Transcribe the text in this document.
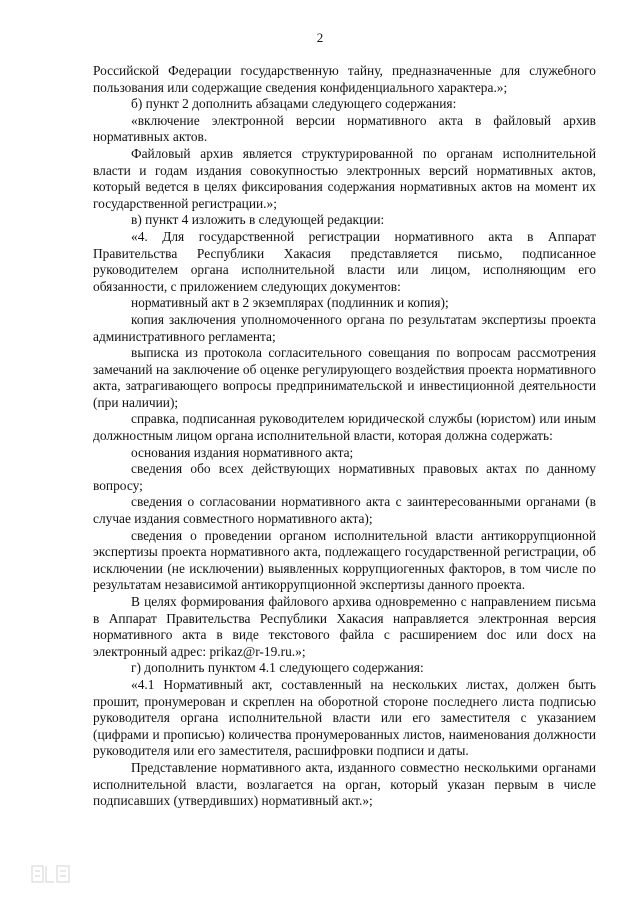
2

Российской Федерации государственную тайну, предназначенные для служебного пользования или содержащие сведения конфиденциального характера.»;

б) пункт 2 дополнить абзацами следующего содержания:

«включение электронной версии нормативного акта в файловый архив нормативных актов.

Файловый архив является структурированной по органам исполнительной власти и годам издания совокупностью электронных версий нормативных актов, который ведется в целях фиксирования содержания нормативных актов на момент их государственной регистрации.»;

в) пункт 4 изложить в следующей редакции:

«4. Для государственной регистрации нормативного акта в Аппарат Правительства Республики Хакасия представляется письмо, подписанное руководителем органа исполнительной власти или лицом, исполняющим его обязанности, с приложением следующих документов:

нормативный акт в 2 экземплярах (подлинник и копия);

копия заключения уполномоченного органа по результатам экспертизы проекта административного регламента;

выписка из протокола согласительного совещания по вопросам рассмотрения замечаний на заключение об оценке регулирующего воздействия проекта нормативного акта, затрагивающего вопросы предпринимательской и инвестиционной деятельности (при наличии);

справка, подписанная руководителем юридической службы (юристом) или иным должностным лицом органа исполнительной власти, которая должна содержать:

основания издания нормативного акта;

сведения обо всех действующих нормативных правовых актах по данному вопросу;

сведения о согласовании нормативного акта с заинтересованными органами (в случае издания совместного нормативного акта);

сведения о проведении органом исполнительной власти антикоррупционной экспертизы проекта нормативного акта, подлежащего государственной регистрации, об исключении (не исключении) выявленных коррупциогенных факторов, в том числе по результатам независимой антикоррупционной экспертизы данного проекта.

В целях формирования файлового архива одновременно с направлением письма в Аппарат Правительства Республики Хакасия направляется электронная версия нормативного акта в виде текстового файла с расширением doc или docx на электронный адрес: prikaz@r-19.ru.»;

г) дополнить пунктом 4.1 следующего содержания:

«4.1 Нормативный акт, составленный на нескольких листах, должен быть прошит, пронумерован и скреплен на оборотной стороне последнего листа подписью руководителя органа исполнительной власти или его заместителя с указанием (цифрами и прописью) количества пронумерованных листов, наименования должности руководителя или его заместителя, расшифровки подписи и даты.

Представление нормативного акта, изданного совместно несколькими органами исполнительной власти, возлагается на орган, который указан первым в числе подписавших (утвердивших) нормативный акт.»;
